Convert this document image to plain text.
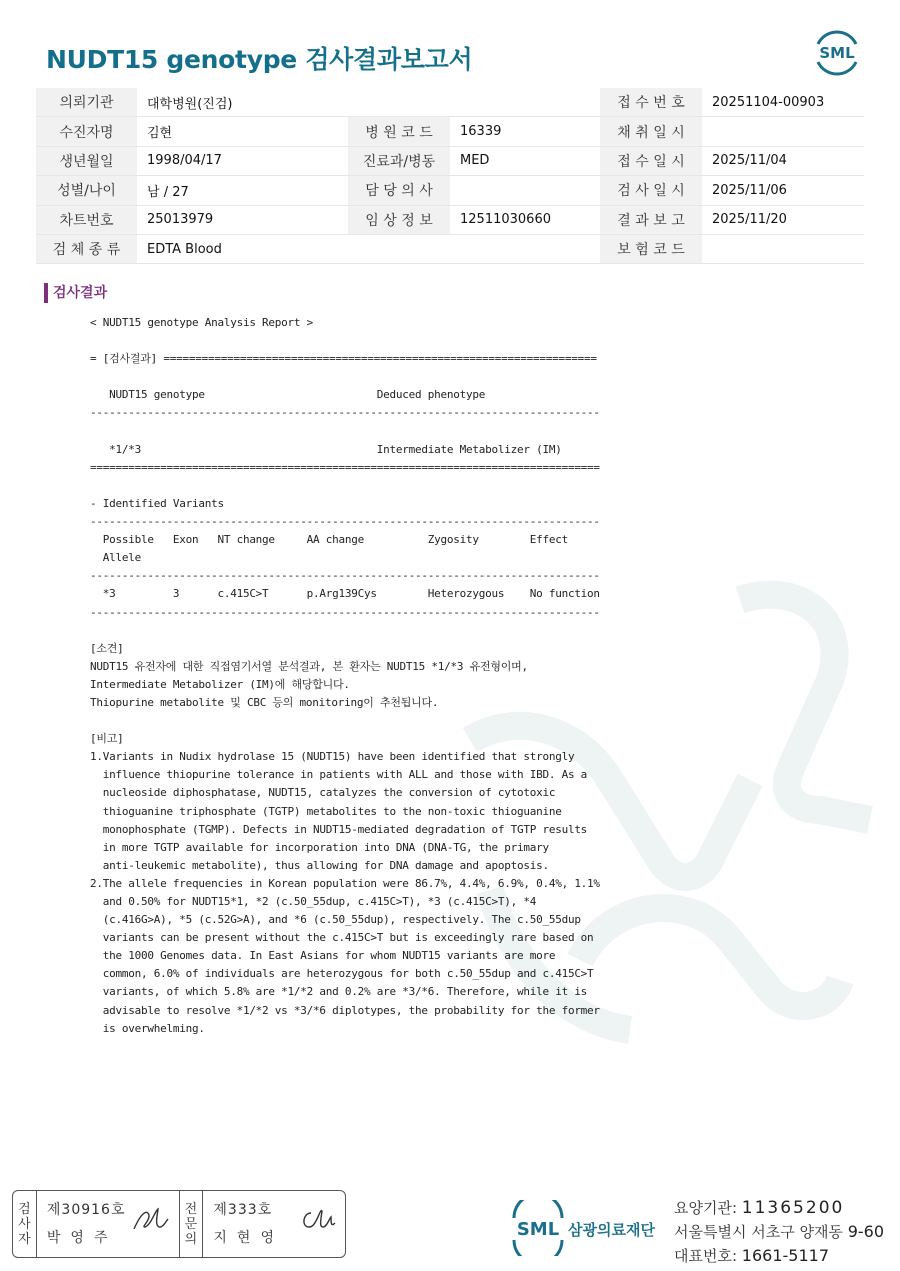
NUDT15 genotype 검사결과보고서	SML
의뢰기관	대학병원(진검)			접 수 번 호	20251104-00903
수진자명	김현	병 원 코 드	16339	채 취 일 시	
생년월일	1998/04/17	진료과/병동	MED	접 수 일 시	2025/11/04
성별/나이	남 / 27	담 당 의 사		검 사 일 시	2025/11/06
차트번호	25013979	임 상 정 보	12511030660	결 과 보 고	2025/11/20
검 체 종 류	EDTA Blood			보 험 코 드	
검사결과
< NUDT15 genotype Analysis Report >

= [검사결과] ====================================================================

NUDT15 genotype                           Deduced phenotype
--------------------------------------------------------------------------------

*1/*3                                     Intermediate Metabolizer (IM)
================================================================================

- Identified Variants
--------------------------------------------------------------------------------
Possible   Exon   NT change     AA change          Zygosity        Effect
Allele
--------------------------------------------------------------------------------
*3         3      c.415C>T      p.Arg139Cys        Heterozygous    No function
--------------------------------------------------------------------------------

[소견]
NUDT15 유전자에 대한 직접염기서열 분석결과, 본 환자는 NUDT15 *1/*3 유전형이며,
Intermediate Metabolizer (IM)에 해당합니다.
Thiopurine metabolite 및 CBC 등의 monitoring이 추천됩니다.

[비고]
1.Variants in Nudix hydrolase 15 (NUDT15) have been identified that strongly
influence thiopurine tolerance in patients with ALL and those with IBD. As a
nucleoside diphosphatase, NUDT15, catalyzes the conversion of cytotoxic
thioguanine triphosphate (TGTP) metabolites to the non-toxic thioguanine
monophosphate (TGMP). Defects in NUDT15-mediated degradation of TGTP results
in more TGTP available for incorporation into DNA (DNA-TG, the primary
anti-leukemic metabolite), thus allowing for DNA damage and apoptosis.
2.The allele frequencies in Korean population were 86.7%, 4.4%, 6.9%, 0.4%, 1.1%
and 0.50% for NUDT15*1, *2 (c.50_55dup, c.415C>T), *3 (c.415C>T), *4
(c.416G>A), *5 (c.52G>A), and *6 (c.50_55dup), respectively. The c.50_55dup
variants can be present without the c.415C>T but is exceedingly rare based on
the 1000 Genomes data. In East Asians for whom NUDT15 variants are more
common, 6.0% of individuals are heterozygous for both c.50_55dup and c.415C>T
variants, of which 5.8% are *1/*2 and 0.2% are *3/*6. Therefore, while it is
advisable to resolve *1/*2 vs *3/*6 diplotypes, the probability for the former
is overwhelming.
검
사
자
제30916호
박영주
전
문
의
제333호
지현영	SML 삼광의료재단
요양기관: 11365200
서울특별시 서초구 양재동 9-60
대표번호: 1661-5117
